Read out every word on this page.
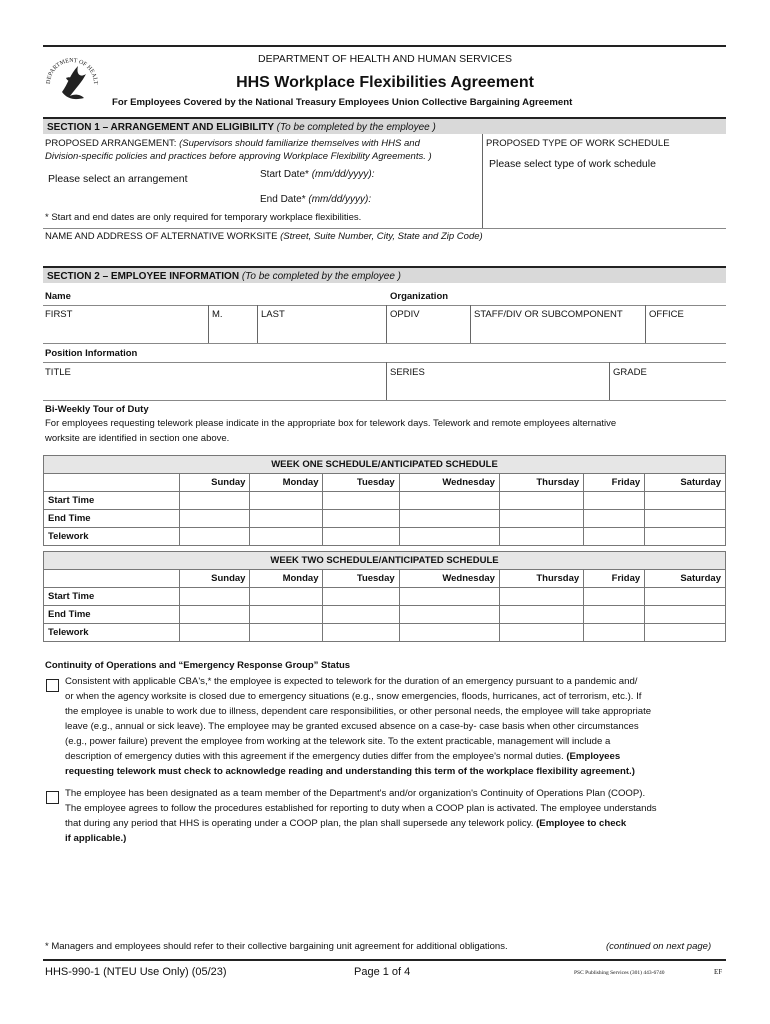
DEPARTMENT OF HEALT
DEPARTMENT OF HEALTH AND HUMAN SERVICES
HHS Workplace Flexibilities Agreement
For Employees Covered by the National Treasury Employees Union Collective Bargaining Agreement
SECTION 1 – ARRANGEMENT AND ELIGIBILITY (To be completed by the employee )
PROPOSED ARRANGEMENT: (Supervisors should familiarize themselves with HHS and
Division-specific policies and practices before approving Workplace Flexibility Agreements. )
Please select an arrangement	Start Date* (mm/dd/yyyy):
End Date* (mm/dd/yyyy):
* Start and end dates are only required for temporary workplace flexibilities.
PROPOSED TYPE OF WORK SCHEDULE
Please select type of work schedule
NAME AND ADDRESS OF ALTERNATIVE WORKSITE (Street, Suite Number, City, State and Zip Code)
SECTION 2 – EMPLOYEE INFORMATION (To be completed by the employee )
Name	Organization
FIRST	M.	LAST	OPDIV	STAFF/DIV OR SUBCOMPONENT	OFFICE
Position Information
TITLE	SERIES	GRADE
Bi-Weekly Tour of Duty
For employees requesting telework please indicate in the appropriate box for telework days. Telework and remote employees alternative
worksite are identified in section one above.
WEEK ONE SCHEDULE/ANTICIPATED SCHEDULE							
	Sunday	Monday	Tuesday	Wednesday	Thursday	Friday	Saturday
Start Time							
End Time							
Telework							
WEEK TWO SCHEDULE/ANTICIPATED SCHEDULE							
	Sunday	Monday	Tuesday	Wednesday	Thursday	Friday	Saturday
Start Time							
End Time							
Telework							
Continuity of Operations and “Emergency Response Group” Status
Consistent with applicable CBA's,* the employee is expected to telework for the duration of an emergency pursuant to a pandemic and/
or when the agency worksite is closed due to emergency situations (e.g., snow emergencies, floods, hurricanes, act of terrorism, etc.). If
the employee is unable to work due to illness, dependent care responsibilities, or other personal needs, the employee will take appropriate
leave (e.g., annual or sick leave). The employee may be granted excused absence on a case-by- case basis when other circumstances
(e.g., power failure) prevent the employee from working at the telework site. To the extent practicable, management will include a
description of emergency duties with this agreement if the emergency duties differ from the employee's normal duties. (Employees
requesting telework must check to acknowledge reading and understanding this term of the workplace flexibility agreement.)
The employee has been designated as a team member of the Department's and/or organization's Continuity of Operations Plan (COOP).
The employee agrees to follow the procedures established for reporting to duty when a COOP plan is activated. The employee understands
that during any period that HHS is operating under a COOP plan, the plan shall supersede any telework policy. (Employee to check
if applicable.)
* Managers and employees should refer to their collective bargaining unit agreement for additional obligations.	(continued on next page)
HHS-990-1 (NTEU Use Only) (05/23)	Page 1 of 4	PSC Publishing Services (301) 443-6740	EF
